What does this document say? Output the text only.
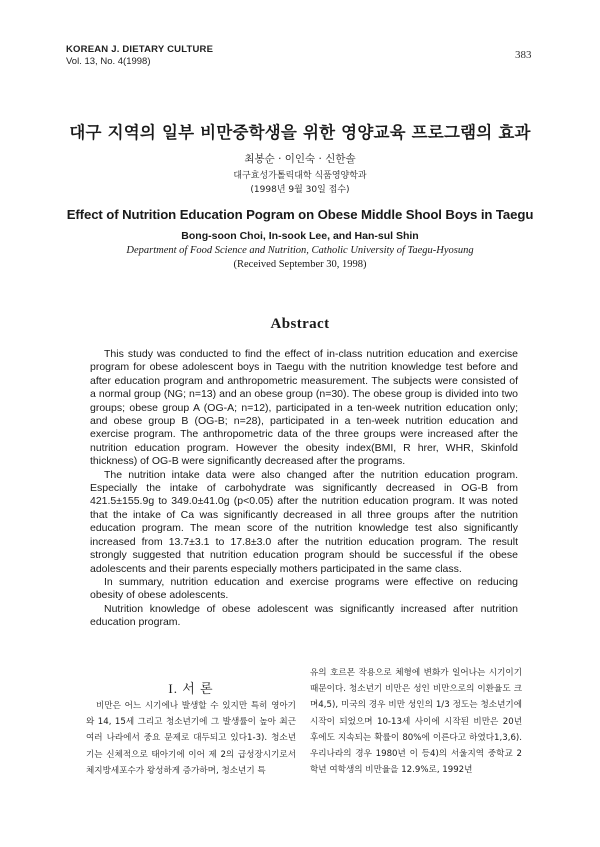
KOREAN J. DIETARY CULTURE
Vol. 13, No. 4(1998)
383
대구 지역의 일부 비만중학생을 위한 영양교육 프로그램의 효과
최봉순 · 이인숙 · 신한솔
대구효성가톨릭대학 식품영양학과
(1998년 9월 30일 접수)
Effect of Nutrition Education Pogram on Obese Middle Shool Boys in Taegu
Bong-soon Choi, In-sook Lee, and Han-sul Shin
Department of Food Science and Nutrition, Catholic University of Taegu-Hyosung
(Received September 30, 1998)
Abstract

This study was conducted to find the effect of in-class nutrition education and exercise program for obese adolescent boys in Taegu with the nutrition knowledge test before and after education program and anthropometric measurement. The subjects were consisted of a normal group (NG; n=13) and an obese group (n=30). The obese group is divided into two groups; obese group A (OG-A; n=12), participated in a ten-week nutrition education only; and obese group B (OG-B; n=28), participated in a ten-week nutrition education and exercise program. The anthropometric data of the three groups were increased after the nutrition education program. However the obesity index(BMI, R hrer, WHR, Skinfold thickness) of OG-B were significantly decreased after the programs.

The nutrition intake data were also changed after the nutrition education program. Especially the intake of carbohydrate was significantly decreased in OG-B from 421.5±155.9g to 349.0±41.0g (p<0.05) after the nutrition education program. It was noted that the intake of Ca was significantly decreased in all three groups after the nutrition education program. The mean score of the nutrition knowledge test also significantly increased from 13.7±3.1 to 17.8±3.0 after the nutrition education program. The result strongly suggested that nutrition education program should be successful if the obese adolescents and their parents especially mothers participated in the same class.

In summary, nutrition education and exercise programs were effective on reducing obesity of obese adolescents.

Nutrition knowledge of obese adolescent was significantly increased after nutrition education program.

I. 서 론

비만은 어느 시기에나 발생할 수 있지만 특히 영아기와 14, 15세 그리고 청소년기에 그 발생률이 높아 최근 여러 나라에서 중요 문제로 대두되고 있다1-3). 청소년기는 신체적으로 태아기에 이어 제 2의 급성장시기로서 체지방세포수가 왕성하게 증가하며, 청소년기 특

유의 호르몬 작용으로 체형에 변화가 일어나는 시기이기 때문이다. 청소년기 비만은 성인 비만으로의 이환율도 크며4,5), 미국의 경우 비만 성인의 1/3 정도는 청소년기에 시작이 되었으며 10-13세 사이에 시작된 비만은 20년 후에도 지속되는 확률이 80%에 이른다고 하였다1,3,6). 우리나라의 경우 1980년 이 등4)의 서울지역 중학교 2학년 여학생의 비만율을 12.9%로, 1992년
